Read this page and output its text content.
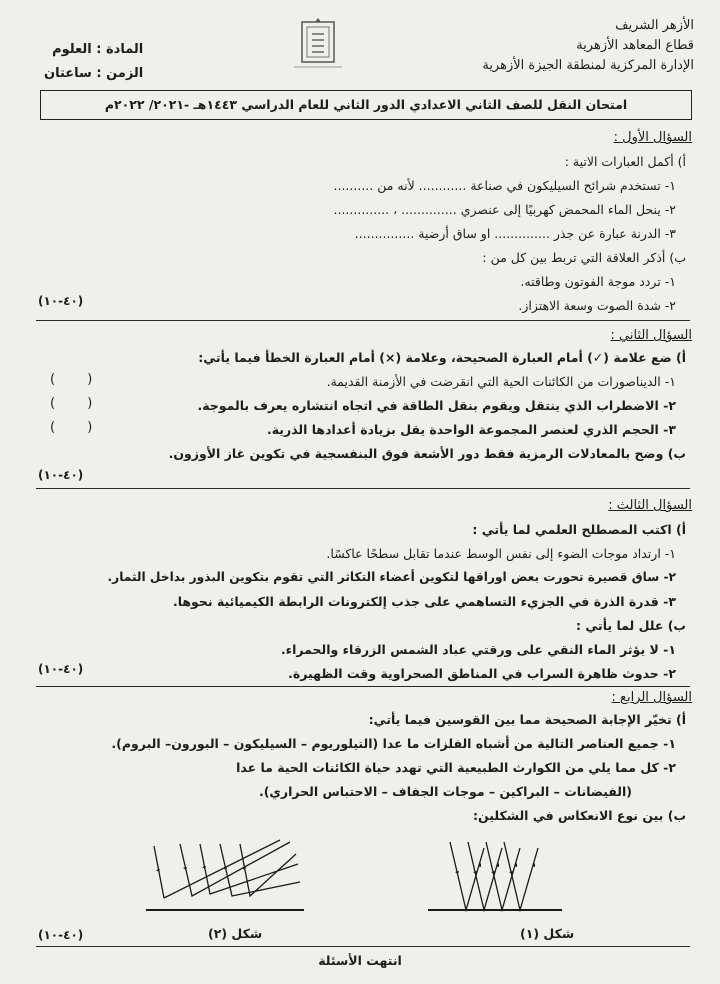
الأزهر الشريف
قطاع المعاهد الأزهرية
الإدارة المركزية لمنطقة الجيزة الأزهرية
المادة : العلوم
الزمن : ساعتان
امتحان النقل للصف الثاني الاعدادي الدور الثاني للعام الدراسي ١٤٤٣هـ -٢٠٢١/ ٢٠٢٢م
السؤال الأول :
أ) أكمل العبارات الاتية :
١- تستخدم شرائح السيليكون في صناعة ............ لأنه من ..........
٢- ينحل الماء المحمض كهربيًا إلى عنصري .............. ، ..............
٣- الدرنة عبارة عن جذر .............. او ساق أرضية ...............
ب) أذكر العلاقة التي تربط بين كل من :
١- تردد موجة الفوتون وطاقته.
٢- شدة الصوت وسعة الاهتزاز.
(٤٠-١٠)
السؤال الثاني :
أ) ضع علامة (✓) أمام العبارة الصحيحة، وعلامة (×) أمام العبارة الخطأ فيما يأتي:
١- الديناصورات من الكائنات الحية التي انقرضت في الأزمنة القديمة.
( )
٢- الاضطراب الذي ينتقل ويقوم بنقل الطاقة في اتجاه انتشاره يعرف بالموجة.
( )
٣- الحجم الذري لعنصر المجموعة الواحدة يقل بزيادة أعدادها الذرية.
( )
ب) وضح بالمعادلات الرمزية فقط دور الأشعة فوق البنفسجية في تكوين غاز الأوزون.
(٤٠-١٠)
السؤال الثالث :
أ) اكتب المصطلح العلمي لما يأتي :
١- ارتداد موجات الضوء إلى نفس الوسط عندما تقابل سطحًا عاكسًا.
٢- ساق قصيرة تحورت بعض اوراقها لتكوين أعضاء التكاثر التي تقوم بتكوين البذور بداخل الثمار.
٣- قدرة الذرة في الجزيء التساهمي على جذب إلكترونات الرابطة الكيميائية نحوها.
ب) علل لما يأتي :
١- لا يؤثر الماء النقي على ورقتي عباد الشمس الزرقاء والحمراء.
٢- حدوث ظاهرة السراب في المناطق الصحراوية وقت الظهيرة.
(٤٠-١٠)
السؤال الرابع :
أ) تخيّر الإجابة الصحيحة مما بين القوسين فيما يأتي:
١- جميع العناصر التالية من أشباه الفلزات ما عدا (التيلوريوم – السيليكون – البورون– البروم).
٢- كل مما يلي من الكوارث الطبيعية التي تهدد حياة الكائنات الحية ما عدا
(الفيضانات – البراكين – موجات الجفاف – الاحتباس الحراري).
ب) بين نوع الانعكاس في الشكلين:
(٤٠-١٠)	شكل (١)
شكل (٢)
انتهت الأسئلة
